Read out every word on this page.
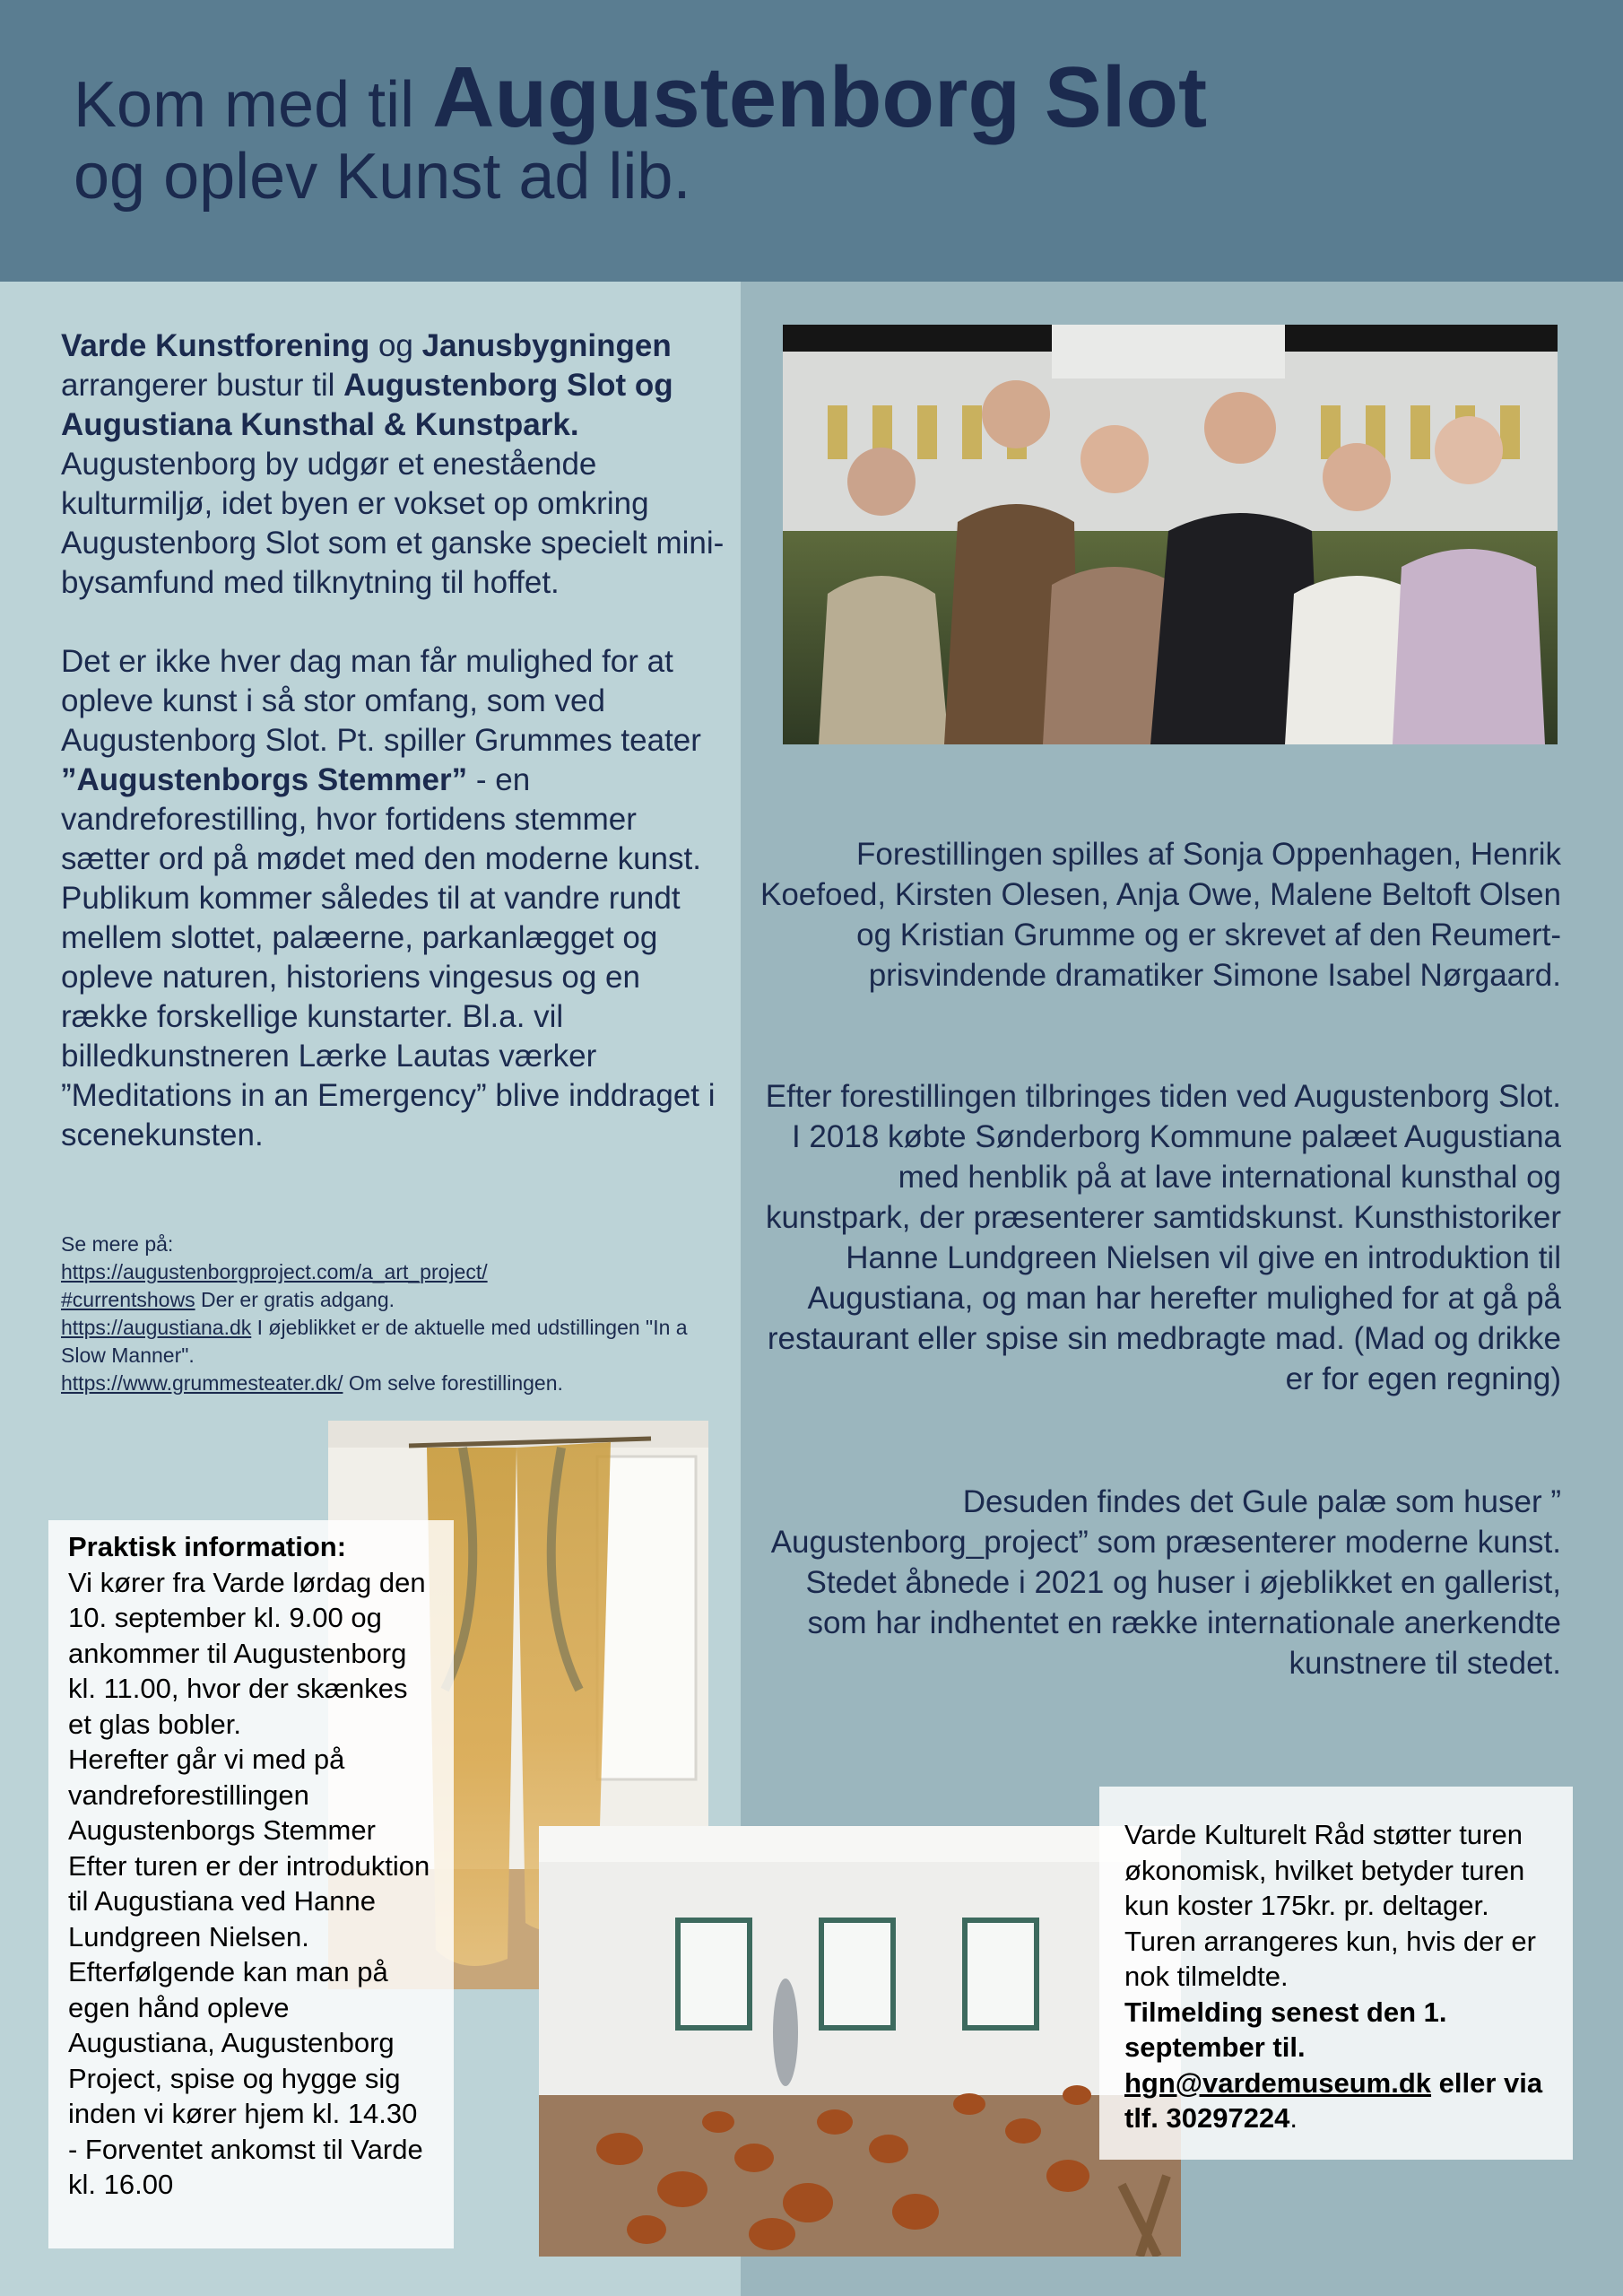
Kom med til Augustenborg Slot
og oplev Kunst ad lib.

Varde Kunstforening og Janusbygningen arrangerer bustur til Augustenborg Slot og Augustiana Kunsthal & Kunstpark. Augustenborg by udgør et enestående kulturmiljø, idet byen er vokset op omkring Augustenborg Slot som et ganske specielt mini-bysamfund med tilknytning til hoffet.

Det er ikke hver dag man får mulighed for at opleve kunst i så stor omfang, som ved Augustenborg Slot. Pt. spiller Grummes teater
”Augustenborgs Stemmer” - en vandreforestilling, hvor fortidens stemmer sætter ord på mødet med den moderne kunst. Publikum kommer således til at vandre rundt mellem slottet, palæerne, parkanlægget og opleve naturen, historiens vingesus og en række forskellige kunstarter. Bl.a. vil billedkunstneren Lærke Lautas værker ”Meditations in an Emergency” blive inddraget i scenekunsten.

Se mere på:
https://augustenborgproject.com/a_art_project/
#currentshows Der er gratis adgang.
https://augustiana.dk I øjeblikket er de aktuelle med udstillingen "In a Slow Manner".
https://www.grummesteater.dk/ Om selve forestillingen.
Forestillingen spilles af Sonja Oppenhagen, Henrik Koefoed, Kirsten Olesen, Anja Owe, Malene Beltoft Olsen og Kristian Grumme og er skrevet af den Reumert-prisvindende dramatiker Simone Isabel Nørgaard.
Efter forestillingen tilbringes tiden ved Augustenborg Slot. I 2018 købte Sønderborg Kommune palæet Augustiana med henblik på at lave international kunsthal og kunstpark, der præsenterer samtidskunst. Kunsthistoriker Hanne Lundgreen Nielsen vil give en introduktion til Augustiana, og man har herefter mulighed for at gå på restaurant eller spise sin medbragte mad. (Mad og drikke er for egen regning)
Desuden findes det Gule palæ som huser ” Augustenborg_project” som præsenterer moderne kunst. Stedet åbnede i 2021 og huser i øjeblikket en gallerist, som har indhentet en række internationale anerkendte kunstnere til stedet.

Praktisk information:

Vi kører fra Varde lørdag den 10. september kl. 9.00 og ankommer til Augustenborg kl. 11.00, hvor der skænkes et glas bobler.

Herefter går vi med på vandreforestillingen Augustenborgs Stemmer Efter turen er der introduktion til Augustiana ved Hanne Lundgreen Nielsen. Efterfølgende kan man på egen hånd opleve Augustiana, Augustenborg Project, spise og hygge sig inden vi kører hjem kl. 14.30 - Forventet ankomst til Varde kl. 16.00

Varde Kulturelt Råd støtter turen økonomisk, hvilket betyder turen kun koster 175kr. pr. deltager. Turen arrangeres kun, hvis der er nok tilmeldte.

Tilmelding senest den 1. september til.
hgn@vardemuseum.dk eller via tlf. 30297224.
